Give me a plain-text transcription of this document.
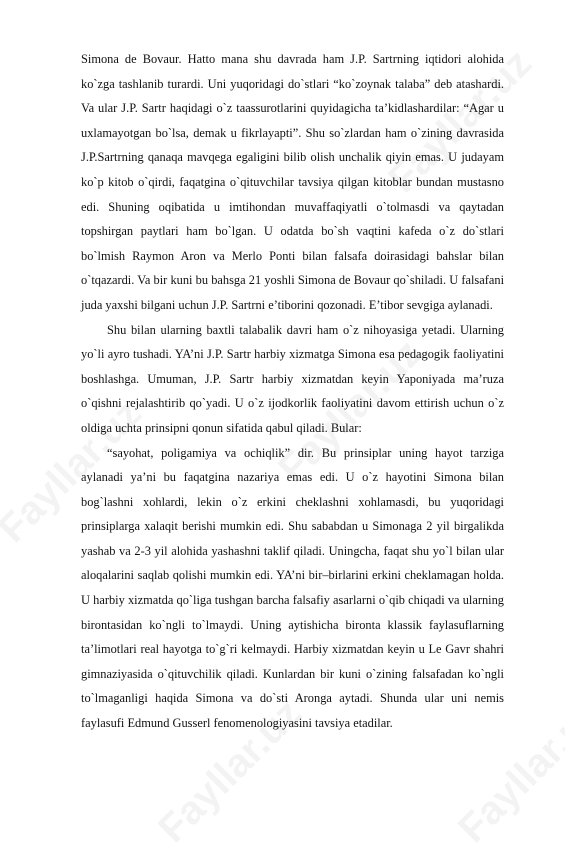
Simona de Bovaur. Hatto mana shu davrada ham J.P. Sartrning iqtidori alohida ko`zga tashlanib turardi. Uni yuqoridagi do`stlari “ko`zoynak talaba” deb atashardi. Va ular J.P. Sartr haqidagi o`z taassurotlarini quyidagicha ta’kidlashardilar: “Agar u uxlamayotgan bo`lsa, demak u fikrlayapti”. Shu so`zlardan ham o`zining davrasida J.P.Sartrning qanaqa mavqega egaligini bilib olish unchalik qiyin emas. U judayam ko`p kitob o`qirdi, faqatgina o`qituvchilar tavsiya qilgan kitoblar bundan mustasno edi. Shuning oqibatida u imtihondan muvaffaqiyatli o`tolmasdi va qaytadan topshirgan paytlari ham bo`lgan. U odatda bo`sh vaqtini kafeda o`z do`stlari bo`lmish Raymon Aron va Merlo Ponti bilan falsafa doirasidagi bahslar bilan o`tqazardi. Va bir kuni bu bahsga 21 yoshli Simona de Bovaur qo`shiladi. U falsafani juda yaxshi bilgani uchun J.P. Sartrni e’tiborini qozonadi. E’tibor sevgiga aylanadi.

Shu bilan ularning baxtli talabalik davri ham o`z nihoyasiga yetadi. Ularning yo`li ayro tushadi. YA’ni J.P. Sartr harbiy xizmatga Simona esa pedagogik faoliyatini boshlashga. Umuman, J.P. Sartr harbiy xizmatdan keyin Yaponiyada ma’ruza o`qishni rejalashtirib qo`yadi. U o`z ijodkorlik faoliyatini davom ettirish uchun o`z oldiga uchta prinsipni qonun sifatida qabul qiladi. Bular:

“sayohat, poligamiya va ochiqlik” dir. Bu prinsiplar uning hayot tarziga aylanadi ya’ni bu faqatgina nazariya emas edi. U o`z hayotini Simona bilan bog`lashni xohlardi, lekin o`z erkini cheklashni xohlamasdi, bu yuqoridagi prinsiplarga xalaqit berishi mumkin edi. Shu sababdan u Simonaga 2 yil birgalikda yashab va 2-3 yil alohida yashashni taklif qiladi. Uningcha, faqat shu yo`l bilan ular aloqalarini saqlab qolishi mumkin edi. YA’ni bir–birlarini erkini cheklamagan holda. U harbiy xizmatda qo`liga tushgan barcha falsafiy asarlarni o`qib chiqadi va ularning birontasidan ko`ngli to`lmaydi. Uning aytishicha bironta klassik faylasuflarning ta’limotlari real hayotga to`g`ri kelmaydi. Harbiy xizmatdan keyin u Le Gavr shahri gimnaziyasida o`qituvchilik qiladi. Kunlardan bir kuni o`zining falsafadan ko`ngli to`lmaganligi haqida Simona va do`sti Aronga aytadi. Shunda ular uni nemis faylasufi Edmund Gusserl fenomenologiyasini tavsiya etadilar.
